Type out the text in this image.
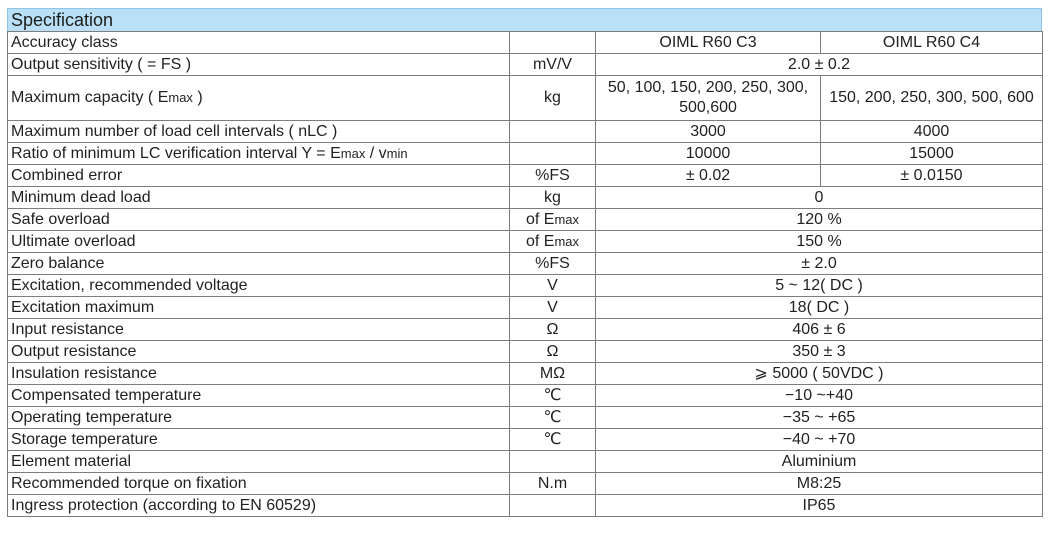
Specification
Accuracy class		OIML R60 C3	OIML R60 C4
Output sensitivity ( = FS )	mV/V	2.0 ± 0.2	
Maximum capacity ( Emax )	kg	50, 100, 150, 200, 250, 300, 500,600	150, 200, 250, 300, 500, 600
Maximum number of load cell intervals ( nLC )		3000	4000
Ratio of minimum LC verification interval Y = Emax / vmin		10000	15000
Combined error	%FS	± 0.02	± 0.0150
Minimum dead load	kg	0	
Safe overload	of Emax	120 %	
Ultimate overload	of Emax	150 %	
Zero balance	%FS	± 2.0	
Excitation, recommended voltage	V	5 ~ 12( DC )	
Excitation maximum	V	18( DC )	
Input resistance	Ω	406 ± 6	
Output resistance	Ω	350 ± 3	
Insulation resistance	MΩ	⩾ 5000 ( 50VDC )	
Compensated temperature	℃	−10 ~+40	
Operating temperature	℃	−35 ~ +65	
Storage temperature	℃	−40 ~ +70	
Element material		Aluminium	
Recommended torque on fixation	N.m	M8:25	
Ingress protection (according to EN 60529)		IP65	
